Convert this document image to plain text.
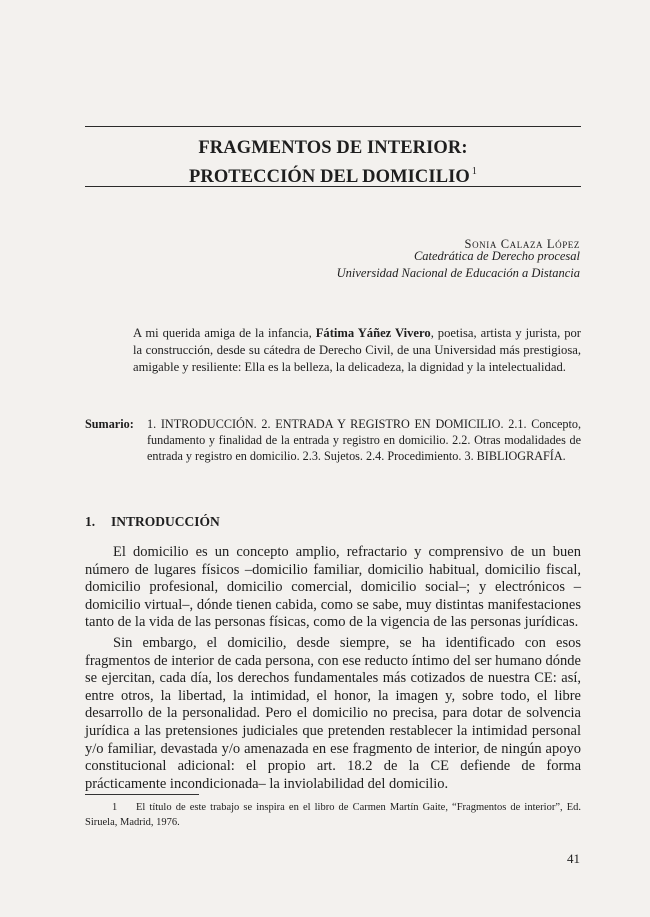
FRAGMENTOS DE INTERIOR:
PROTECCIÓN DEL DOMICILIO $^1$
Sonia Calaza López
Catedrática de Derecho procesal
Universidad Nacional de Educación a Distancia
A mi querida amiga de la infancia, Fátima Yáñez Vivero, poetisa, artista y jurista, por la construcción, desde su cátedra de Derecho Civil, de una Universidad más prestigiosa, amigable y resiliente: Ella es la belleza, la delicadeza, la dignidad y la intelectualidad.
Sumario: 1. INTRODUCCIÓN. 2. ENTRADA Y REGISTRO EN DOMICILIO. 2.1. Concepto, fundamento y finalidad de la entrada y registro en domicilio. 2.2. Otras modalidades de entrada y registro en domicilio. 2.3. Sujetos. 2.4. Procedimiento. 3. BIBLIOGRAFÍA.
1. INTRODUCCIÓN

El domicilio es un concepto amplio, refractario y comprensivo de un buen número de lugares físicos –domicilio familiar, domicilio habitual, domicilio fiscal, domicilio profesional, domicilio comercial, domicilio social–; y electrónicos –domicilio virtual–, dónde tienen cabida, como se sabe, muy distintas manifestaciones tanto de la vida de las personas físicas, como de la vigencia de las personas jurídicas.

Sin embargo, el domicilio, desde siempre, se ha identificado con esos fragmentos de interior de cada persona, con ese reducto íntimo del ser humano dónde se ejercitan, cada día, los derechos fundamentales más cotizados de nuestra CE: así, entre otros, la libertad, la intimidad, el honor, la imagen y, sobre todo, el libre desarrollo de la personalidad. Pero el domicilio no precisa, para dotar de solvencia jurídica a las pretensiones judiciales que pretenden restablecer la intimidad personal y/o familiar, devastada y/o amenazada en ese fragmento de interior, de ningún apoyo constitucional adicional: el propio art. 18.2 de la CE defiende de forma prácticamente incondicionada– la inviolabilidad del domicilio.

1 El título de este trabajo se inspira en el libro de Carmen Martín Gaite, “Fragmentos de interior”, Ed. Siruela, Madrid, 1976.
41
